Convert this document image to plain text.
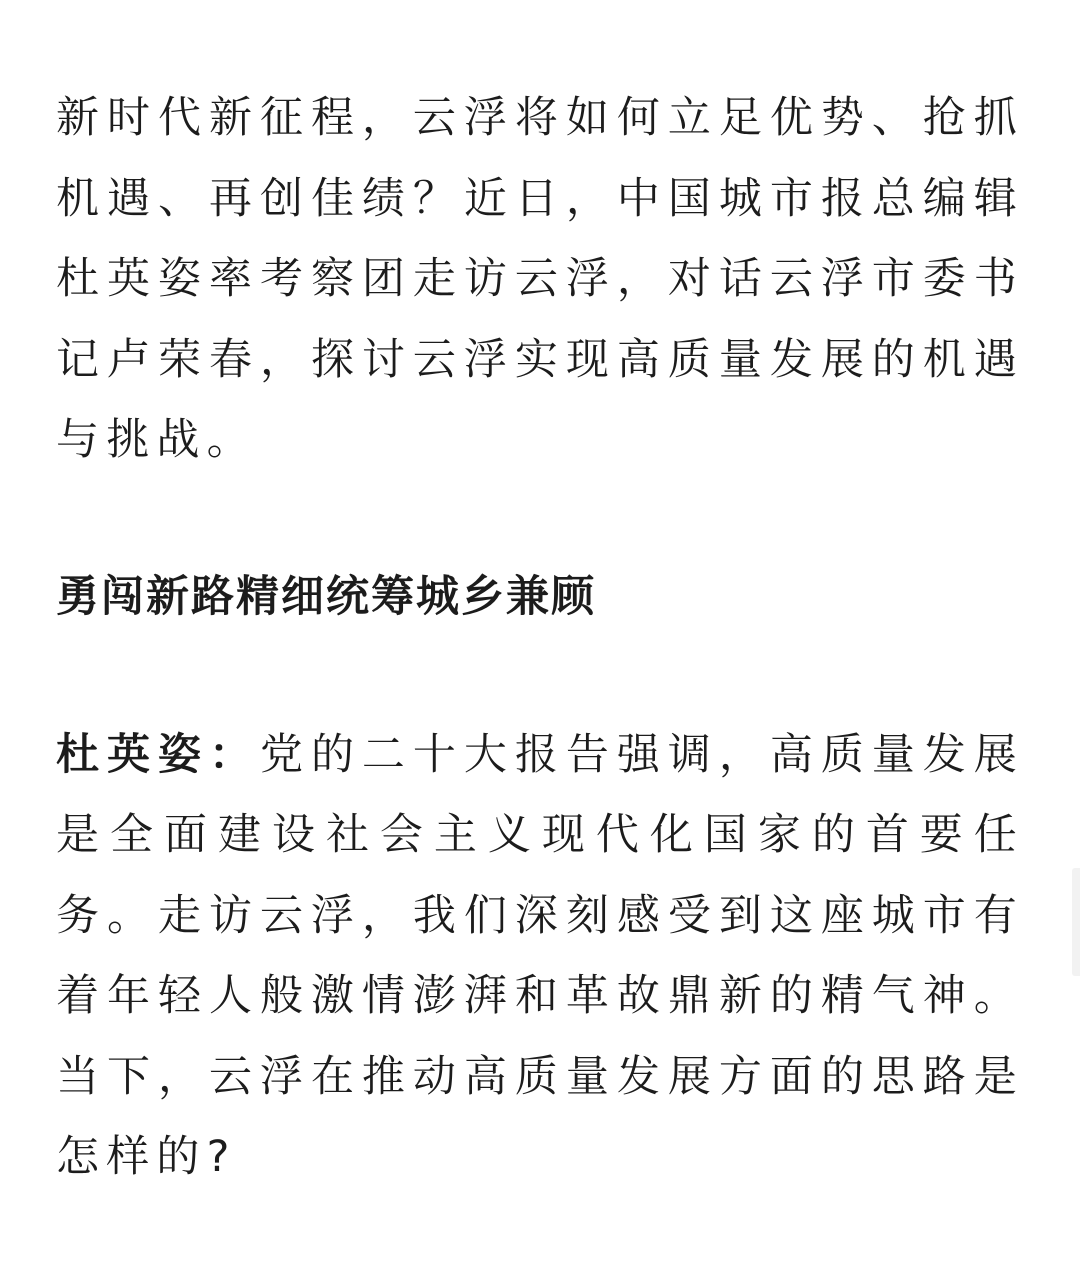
新时代新征程，云浮将如何立足优势、抢抓机遇、再创佳绩？近日，中国城市报总编辑杜英姿率考察团走访云浮，对话云浮市委书记卢荣春，探讨云浮实现高质量发展的机遇与挑战。

勇闯新路精细统筹城乡兼顾

杜英姿：党的二十大报告强调，高质量发展是全面建设社会主义现代化国家的首要任务。走访云浮，我们深刻感受到这座城市有着年轻人般激情澎湃和革故鼎新的精气神。当下，云浮在推动高质量发展方面的思路是怎样的?
